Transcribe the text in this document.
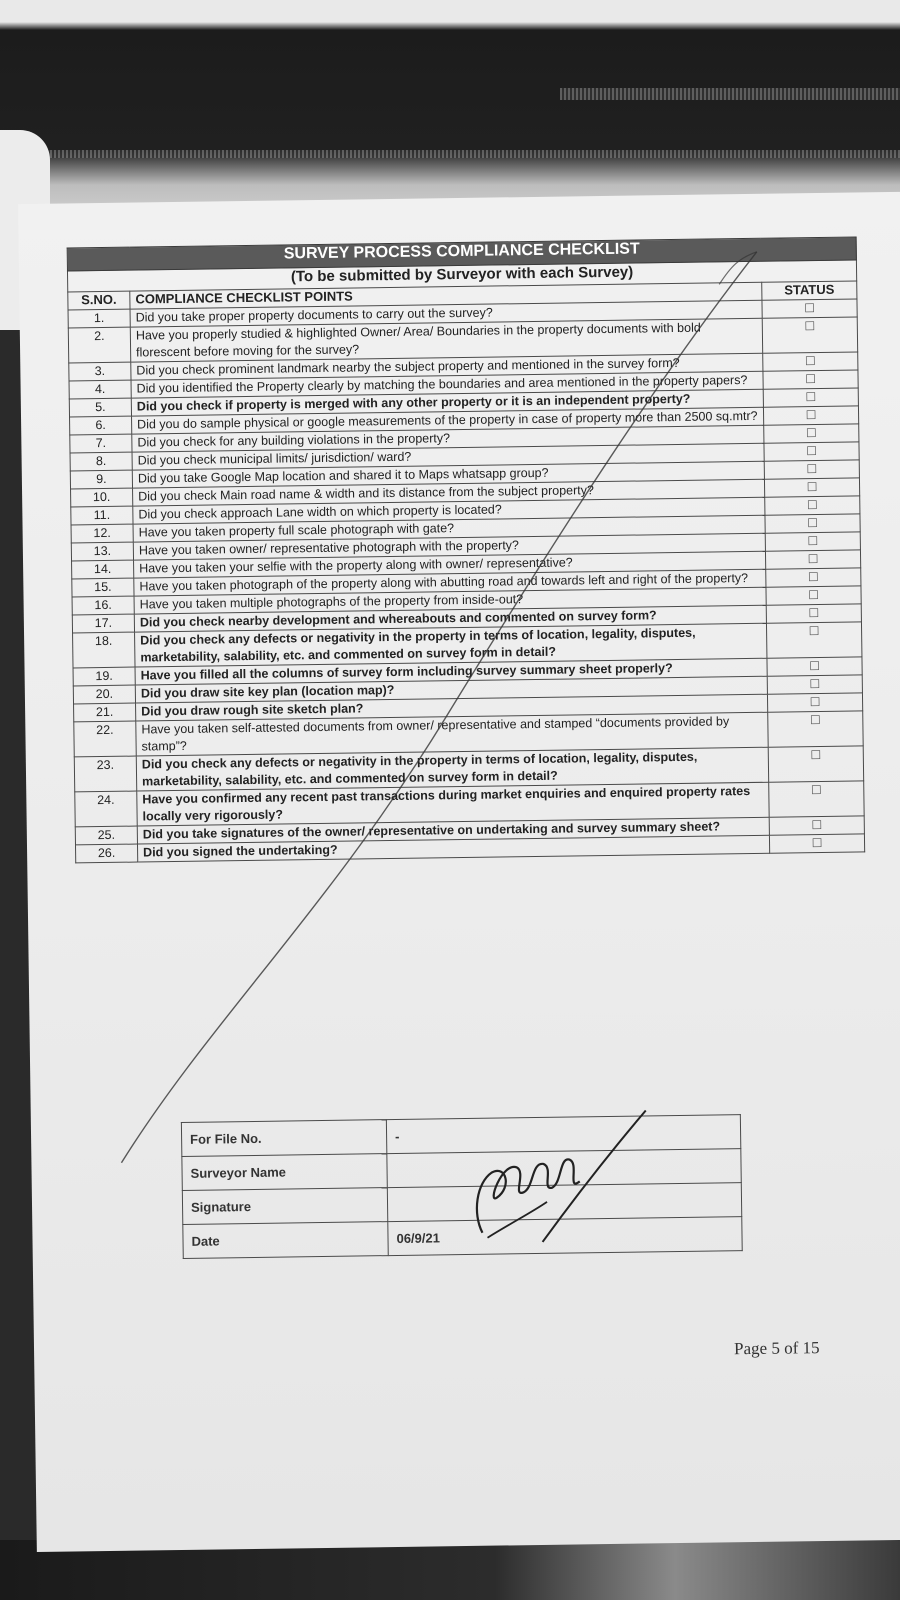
SURVEY PROCESS COMPLIANCE CHECKLIST		
(To be submitted by Surveyor with each Survey)		
S.NO.	COMPLIANCE CHECKLIST POINTS	STATUS
1.	Did you take proper property documents to carry out the survey?	☐
2.	Have you properly studied & highlighted Owner/ Area/ Boundaries in the property documents with bold florescent before moving for the survey?	☐
3.	Did you check prominent landmark nearby the subject property and mentioned in the survey form?	☐
4.	Did you identified the Property clearly by matching the boundaries and area mentioned in the property papers?	☐
5.	Did you check if property is merged with any other property or it is an independent property?	☐
6.	Did you do sample physical or google measurements of the property in case of property more than 2500 sq.mtr?	☐
7.	Did you check for any building violations in the property?	☐
8.	Did you check municipal limits/ jurisdiction/ ward?	☐
9.	Did you take Google Map location and shared it to Maps whatsapp group?	☐
10.	Did you check Main road name & width and its distance from the subject property?	☐
11.	Did you check approach Lane width on which property is located?	☐
12.	Have you taken property full scale photograph with gate?	☐
13.	Have you taken owner/ representative photograph with the property?	☐
14.	Have you taken your selfie with the property along with owner/ representative?	☐
15.	Have you taken photograph of the property along with abutting road and towards left and right of the property?	☐
16.	Have you taken multiple photographs of the property from inside-out?	☐
17.	Did you check nearby development and whereabouts and commented on survey form?	☐
18.	Did you check any defects or negativity in the property in terms of location, legality, disputes, marketability, salability, etc. and commented on survey form in detail?	☐
19.	Have you filled all the columns of survey form including survey summary sheet properly?	☐
20.	Did you draw site key plan (location map)?	☐
21.	Did you draw rough site sketch plan?	☐
22.	Have you taken self-attested documents from owner/ representative and stamped “documents provided by stamp”?	☐
23.	Did you check any defects or negativity in the property in terms of location, legality, disputes, marketability, salability, etc. and commented on survey form in detail?	☐
24.	Have you confirmed any recent past transactions during market enquiries and enquired property rates locally very rigorously?	☐
25.	Did you take signatures of the owner/ representative on undertaking and survey summary sheet?	☐
26.	Did you signed the undertaking?	☐
For File No.	-
Surveyor Name	
Signature	
Date	06/9/21
Page 5 of 15
